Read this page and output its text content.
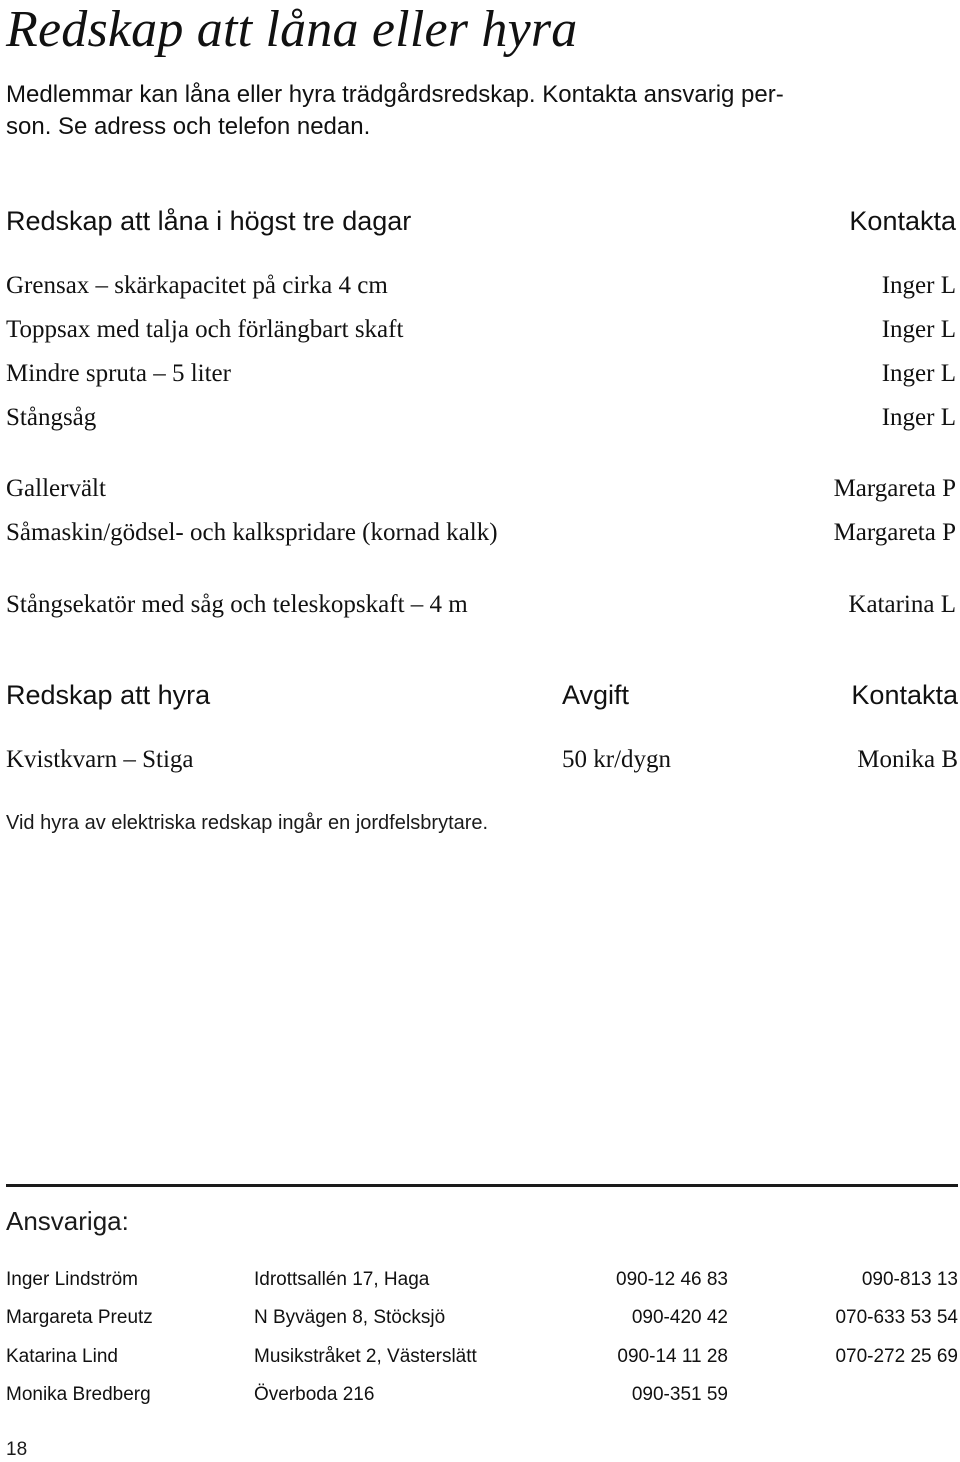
Redskap att låna eller hyra
Medlemmar kan låna eller hyra trädgårdsredskap. Kontakta ansvarig per-
son. Se adress och telefon nedan.
Redskap att låna i högst tre dagar	Kontakta
Grensax – skärkapacitet på cirka 4 cm	Inger L
Toppsax med talja och förlängbart skaft	Inger L
Mindre spruta – 5 liter	Inger L
Stångsåg	Inger L
Gallervält	Margareta P
Såmaskin/gödsel- och kalkspridare (kornad kalk)	Margareta P
Stångsekatör med såg och teleskopskaft – 4 m	Katarina L
Redskap att hyra	Avgift	Kontakta
Kvistkvarn – Stiga	50 kr/dygn	Monika B
Vid hyra av elektriska redskap ingår en jordfelsbrytare.
Ansvariga:
Inger Lindström	Idrottsallén 17, Haga	090-12 46 83	090-813 13
Margareta Preutz	N Byvägen 8, Stöcksjö	090-420 42	070-633 53 54
Katarina Lind	Musikstråket 2, Västerslätt	090-14 11 28	070-272 25 69
Monika Bredberg	Överboda 216	090-351 59
18
